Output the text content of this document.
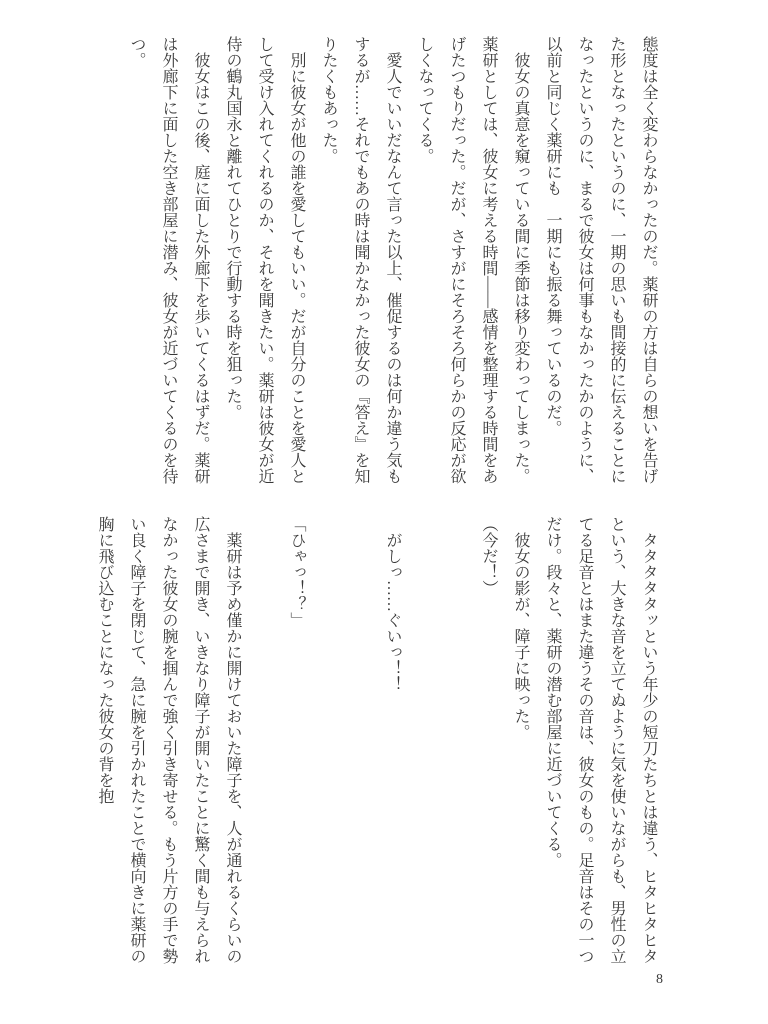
態度は全く変わらなかったのだ。薬研の方は自らの想いを告げた形となったというのに、一期の思いも間接的に伝えることになったというのに、まるで彼女は何事もなかったかのように、以前と同じく薬研にも　一期にも振る舞っているのだ。

彼女の真意を窺っている間に季節は移り変わってしまった。薬研としては、彼女に考える時間――感情を整理する時間をあげたつもりだった。だが、さすがにそろそろ何らかの反応が欲しくなってくる。

愛人でいいだなんて言った以上、催促するのは何か違う気もするが……それでもあの時は聞かなかった彼女の『答え』を知りたくもあった。

別に彼女が他の誰を愛してもいい。だが自分のことを愛人として受け入れてくれるのか、それを聞きたい。薬研は彼女が近侍の鶴丸国永と離れてひとりで行動する時を狙った。

彼女はこの後、庭に面した外廊下を歩いてくるはずだ。薬研は外廊下に面した空き部屋に潜み、彼女が近づいてくるのを待つ。

タタタタタッという年少の短刀たちとは違う、ヒタヒタヒタという、大きな音を立てぬように気を使いながらも、男性の立てる足音とはまた違うその音は、彼女のもの。足音はその一つだけ。段々と、薬研の潜む部屋に近づいてくる。

彼女の影が、障子に映った。

（今だ！）

がしっ……ぐいっ！！

「ひゃっ！？」

薬研は予め僅かに開けておいた障子を、人が通れるくらいの広さまで開き、いきなり障子が開いたことに驚く間も与えられなかった彼女の腕を掴んで強く引き寄せる。もう片方の手で勢い良く障子を閉じて、急に腕を引かれたことで横向きに薬研の胸に飛び込むことになった彼女の背を抱

8
